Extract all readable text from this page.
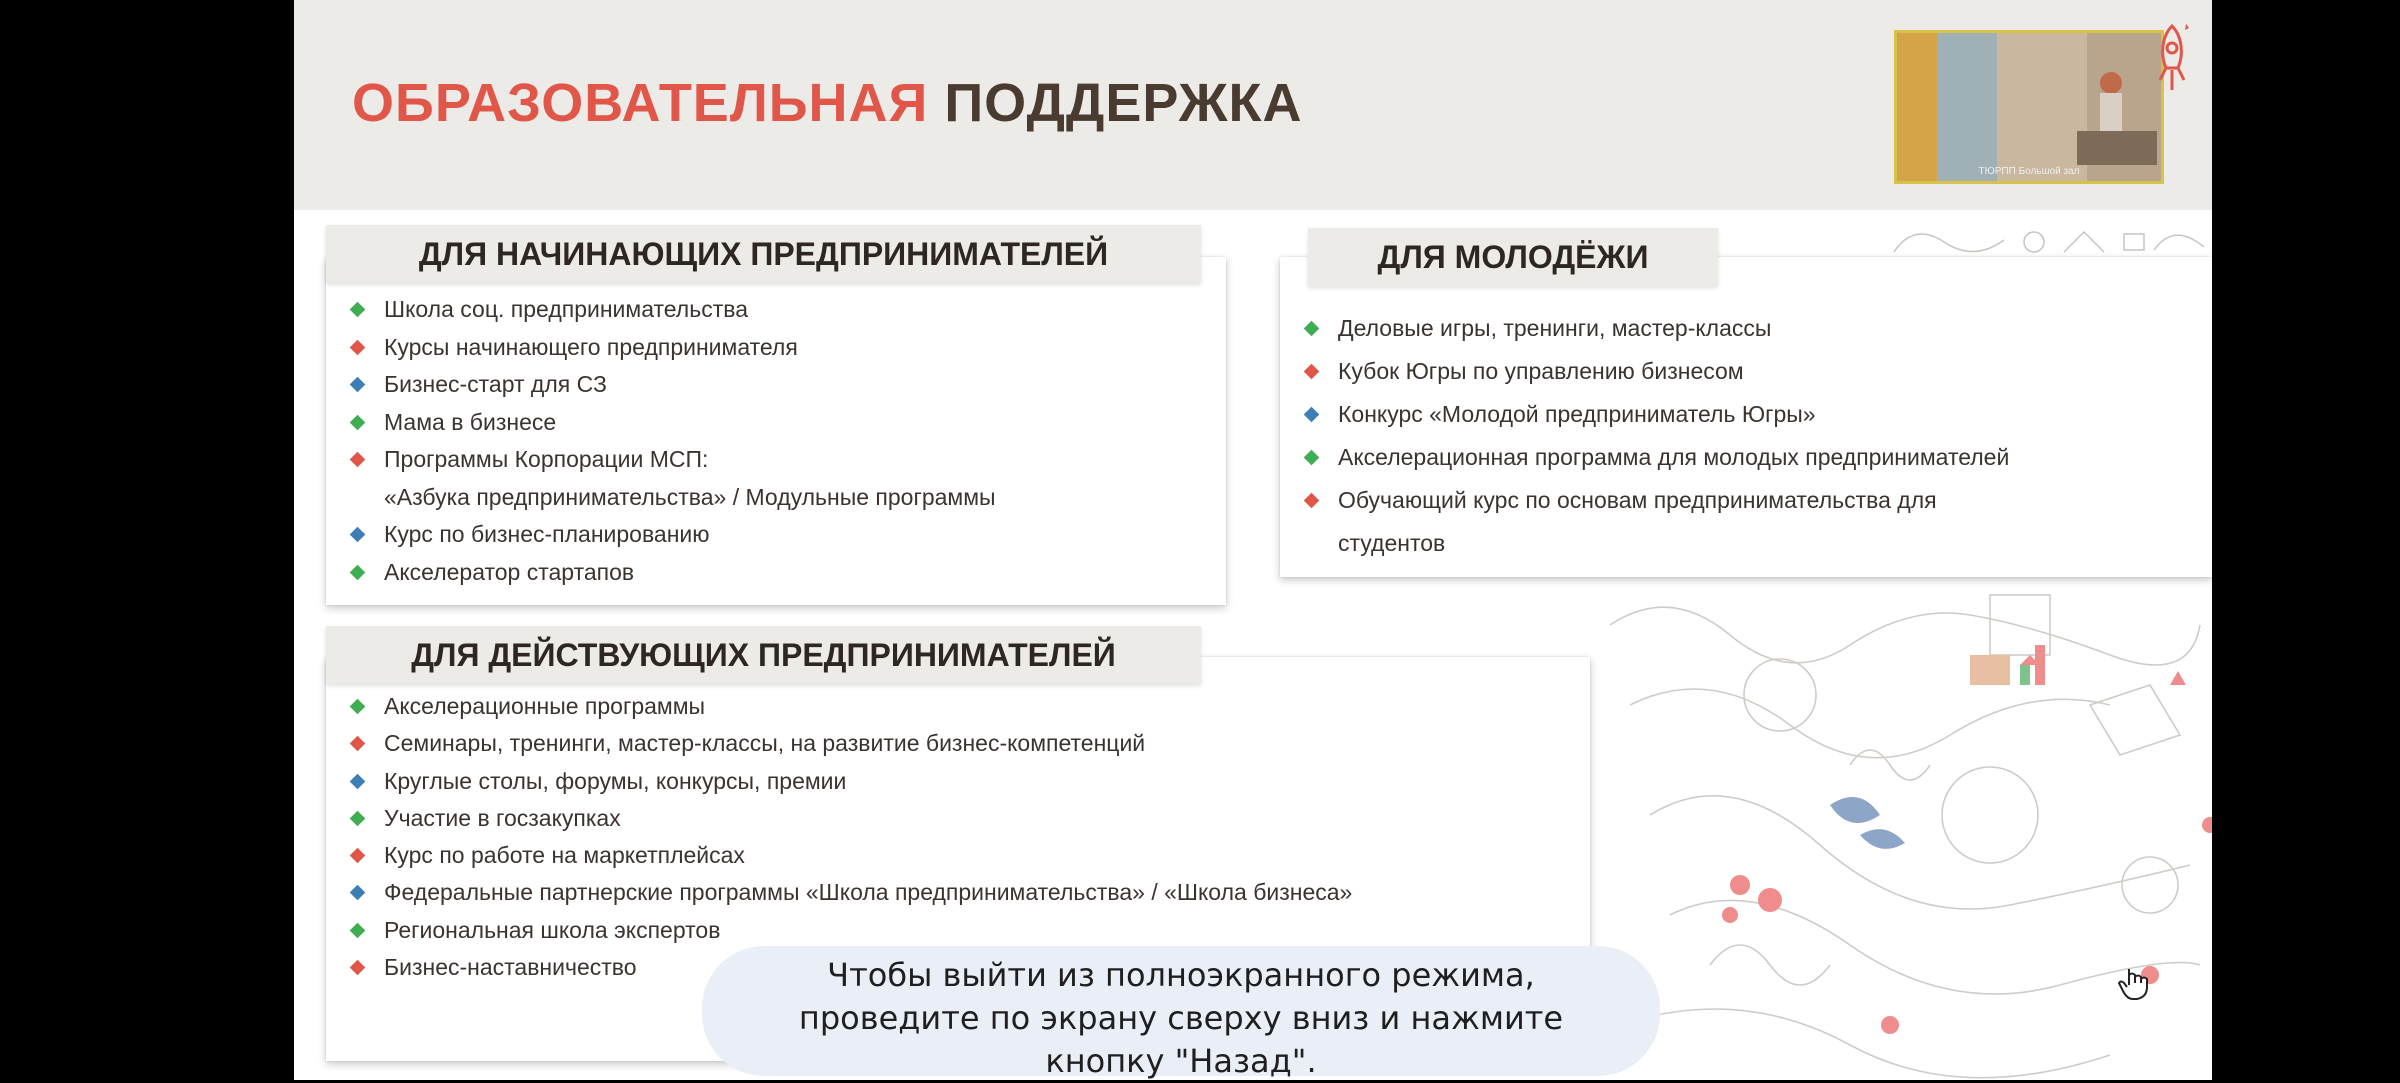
ОБРАЗОВАТЕЛЬНАЯ ПОДДЕРЖКА
Школа соц. предпринимательства
Курсы начинающего предпринимателя
Бизнес-старт для СЗ
Мама в бизнесе
Программы Корпорации МСП:
«Азбука предпринимательства» / Модульные программы
Курс по бизнес-планированию
Акселератор стартапов
ДЛЯ НАЧИНАЮЩИХ ПРЕДПРИНИМАТЕЛЕЙ
Деловые игры, тренинги, мастер-классы
Кубок Югры по управлению бизнесом
Конкурс «Молодой предприниматель Югры»
Акселерационная программа для молодых предпринимателей
Обучающий курс по основам предпринимательства для
студентов
ДЛЯ МОЛОДЁЖИ
Акселерационные программы
Семинары, тренинги, мастер-классы, на развитие бизнес-компетенций
Круглые столы, форумы, конкурсы, премии
Участие в госзакупках
Курс по работе на маркетплейсах
Федеральные партнерские программы «Школа предпринимательства» / «Школа бизнеса»
Региональная школа экспертов
Бизнес-наставничество
ДЛЯ ДЕЙСТВУЮЩИХ ПРЕДПРИНИМАТЕЛЕЙ
ТЮРПП Большой зал
Чтобы выйти из полноэкранного режима,
проведите по экрану сверху вниз и нажмите
кнопку "Назад".
